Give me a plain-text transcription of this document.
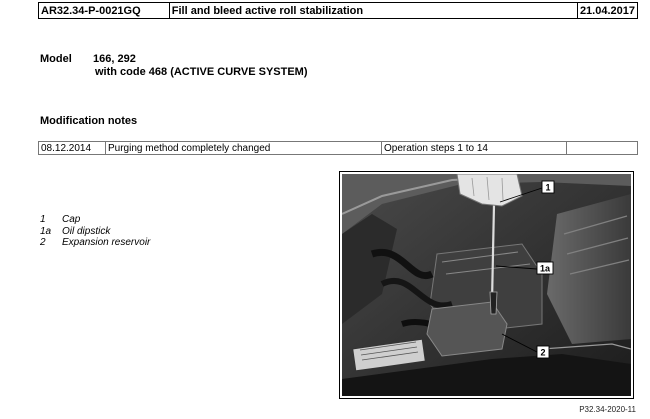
AR32.34-P-0021GQ	Fill and bleed active roll stabilization	21.04.2017
Model 166, 292
with code 468 (ACTIVE CURVE SYSTEM)
Modification notes
08.12.2014	Purging method completely changed	Operation steps 1 to 14
1	Cap
1a	Oil dipstick
2	Expansion reservoir
1
1a
2
P32.34-2020-11
